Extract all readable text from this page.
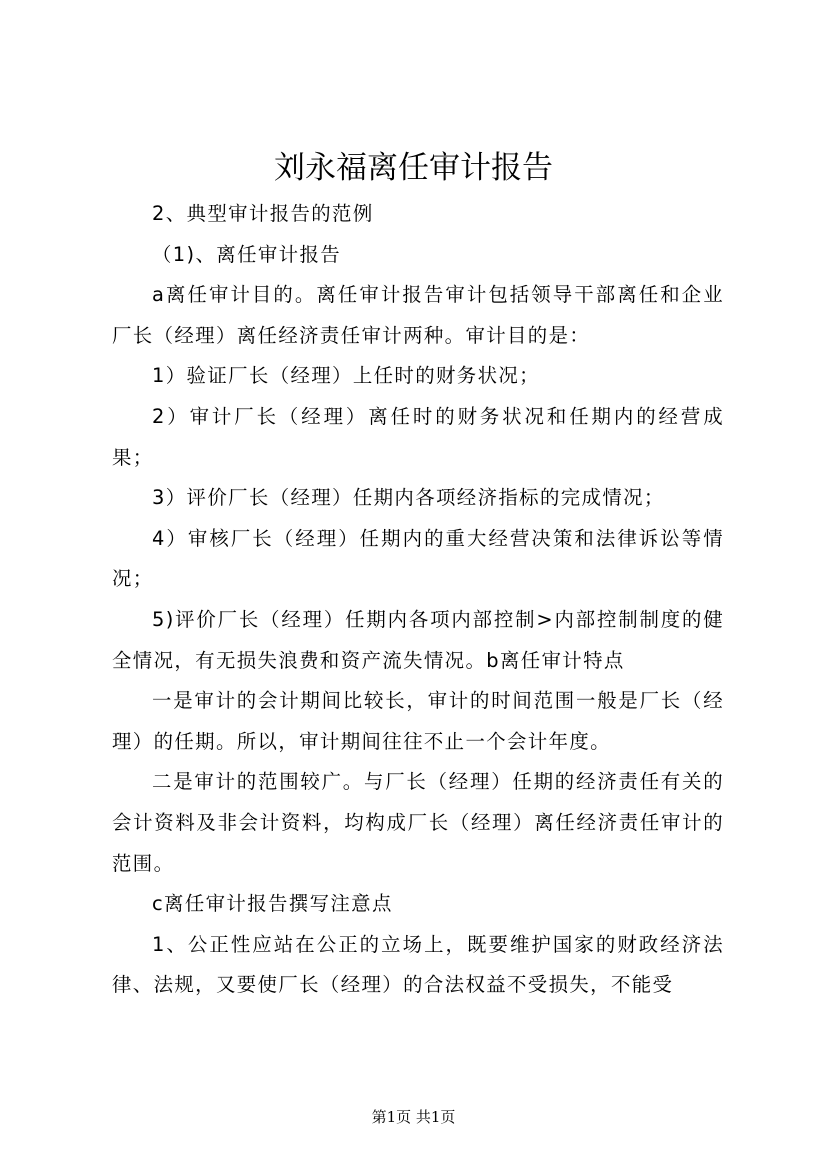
刘永福离任审计报告

2、典型审计报告的范例

（1)、离任审计报告

a离任审计目的。离任审计报告审计包括领导干部离任和企业厂长（经理）离任经济责任审计两种。审计目的是：

1）验证厂长（经理）上任时的财务状况；

2）审计厂长（经理）离任时的财务状况和任期内的经营成果；

3）评价厂长（经理）任期内各项经济指标的完成情况；

4）审核厂长（经理）任期内的重大经营决策和法律诉讼等情况；

5)评价厂长（经理）任期内各项内部控制>内部控制制度的健全情况，有无损失浪费和资产流失情况。b离任审计特点

一是审计的会计期间比较长，审计的时间范围一般是厂长（经理）的任期。所以，审计期间往往不止一个会计年度。

二是审计的范围较广。与厂长（经理）任期的经济责任有关的会计资料及非会计资料，均构成厂长（经理）离任经济责任审计的范围。

c离任审计报告撰写注意点

1、公正性应站在公正的立场上，既要维护国家的财政经济法律、法规，又要使厂长（经理）的合法权益不受损失，不能受

第1页 共1页
